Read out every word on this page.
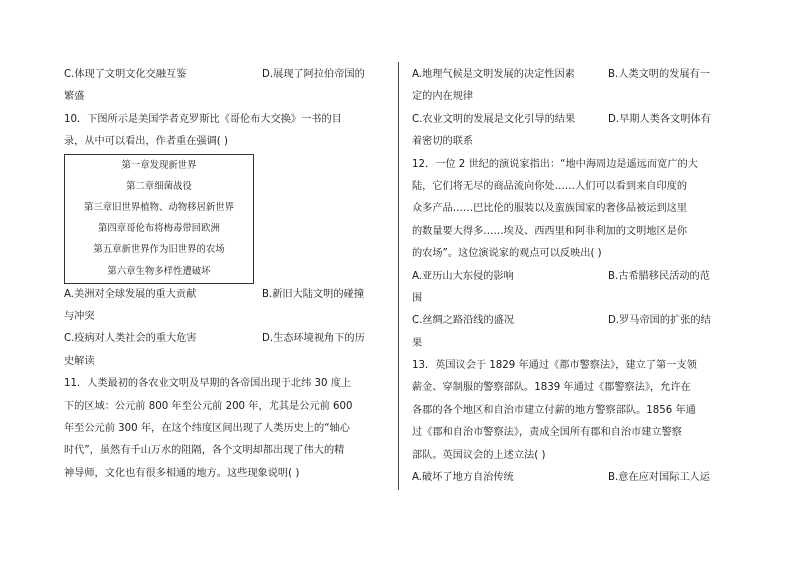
C.体现了文明文化交融互鉴	D.展现了阿拉伯帝国的
繁盛
10．下图所示是美国学者克罗斯比《哥伦布大交换》一书的目
录，从中可以看出，作者重在强调( )
第一章发现新世界
第二章细菌战役
第三章旧世界植物、动物移居新世界
第四章哥伦布将梅毒带回欧洲
第五章新世界作为旧世界的农场
第六章生物多样性遭破坏
A.美洲对全球发展的重大贡献	B.新旧大陆文明的碰撞
与冲突
C.疫病对人类社会的重大危害	D.生态环境视角下的历
史解读
11．人类最初的各农业文明及早期的各帝国出现于北纬 30 度上
下的区域：公元前 800 年至公元前 200 年，尤其是公元前 600
年至公元前 300 年，在这个纬度区间出现了人类历史上的“轴心
时代”，虽然有千山万水的阻隔，各个文明却都出现了伟大的精
神导师，文化也有很多相通的地方。这些现象说明( )
A.地理气候是文明发展的决定性因素	B.人类文明的发展有一
定的内在规律
C.农业文明的发展是文化引导的结果	D.早期人类各文明体有
着密切的联系
12．一位 2 世纪的演说家指出：“地中海周边是遥远而宽广的大
陆，它们将无尽的商品流向你处……人们可以看到来自印度的
众多产品……巴比伦的服装以及蛮族国家的奢侈品被运到这里
的数量要大得多……埃及、西西里和阿非利加的文明地区是你
的农场”。这位演说家的观点可以反映出( )
A.亚历山大东侵的影响	B.古希腊移民活动的范
围
C.丝绸之路沿线的盛况	D.罗马帝国的扩张的结
果
13．英国议会于 1829 年通过《都市警察法》，建立了第一支领
薪金、穿制服的警察部队。1839 年通过《郡警察法》，允许在
各郡的各个地区和自治市建立付薪的地方警察部队。1856 年通
过《郡和自治市警察法》，责成全国所有郡和自治市建立警察
部队。英国议会的上述立法( )
A.破坏了地方自治传统	B.意在应对国际工人运
